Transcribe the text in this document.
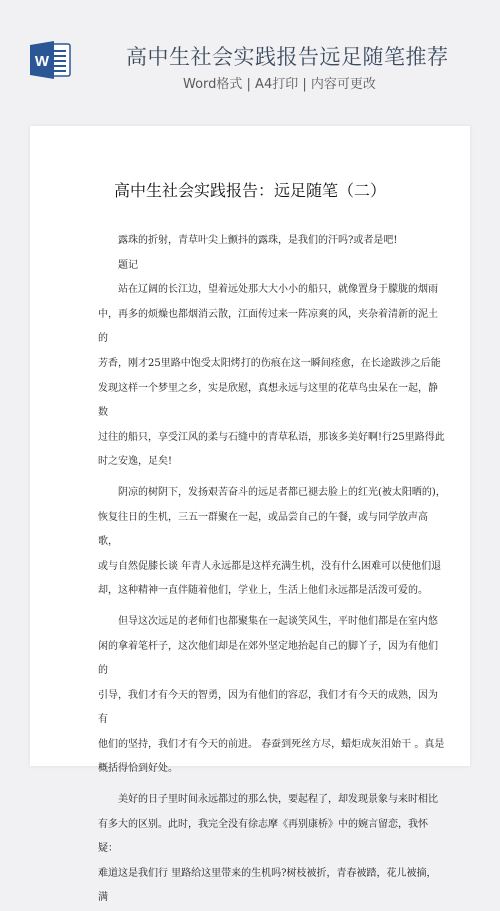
W	高中生社会实践报告远足随笔推荐
Word格式 | A4打印 | 内容可更改
高中生社会实践报告：远足随笔（二）

露珠的折射，青草叶尖上颤抖的露珠，是我们的汗吗?或者是吧!

题记

站在辽阔的长江边，望着远处那大大小小的船只，就像置身于朦胧的烟雨

中，再多的烦燥也都烟消云散，江面传过来一阵凉爽的风，夹杂着清新的泥土的

芳香，刚才25里路中饱受太阳烤打的伤痕在这一瞬间痊愈，在长途跋涉之后能

发现这样一个梦里之乡，实是欣慰，真想永远与这里的花草鸟虫呆在一起，静数

过往的船只，享受江风的柔与石缝中的青草私语，那该多美好啊!行25里路得此

时之安逸，足矣!

阴凉的树阴下，发扬艰苦奋斗的远足者都已褪去脸上的红光(被太阳晒的)，

恢复往日的生机，三五一群聚在一起，或品尝自己的午餐，或与同学放声高歌，

或与自然促膝长谈 年青人永远都是这样充满生机，没有什么困难可以使他们退

却，这种精神一直伴随着他们，学业上，生活上他们永远都是活泼可爱的。

但导这次远足的老师们也都聚集在一起谈笑风生，平时他们都是在室内悠

闲的拿着笔杆子，这次他们却是在郊外坚定地抬起自己的脚丫子，因为有他们的

引导，我们才有今天的智勇，因为有他们的容忍，我们才有今天的成熟，因为有

他们的坚持，我们才有今天的前进。 春蚕到死丝方尽，蜡炬成灰泪始干 。真是

概括得恰到好处。

美好的日子里时间永远都过的那么快，要起程了，却发现景象与来时相比

有多大的区别。此时，我完全没有徐志摩《再别康桥》中的婉言留恋，我怀疑：

难道这是我们行 里路给这里带来的生机吗?树枝被折，青春被踏，花儿被摘，满
